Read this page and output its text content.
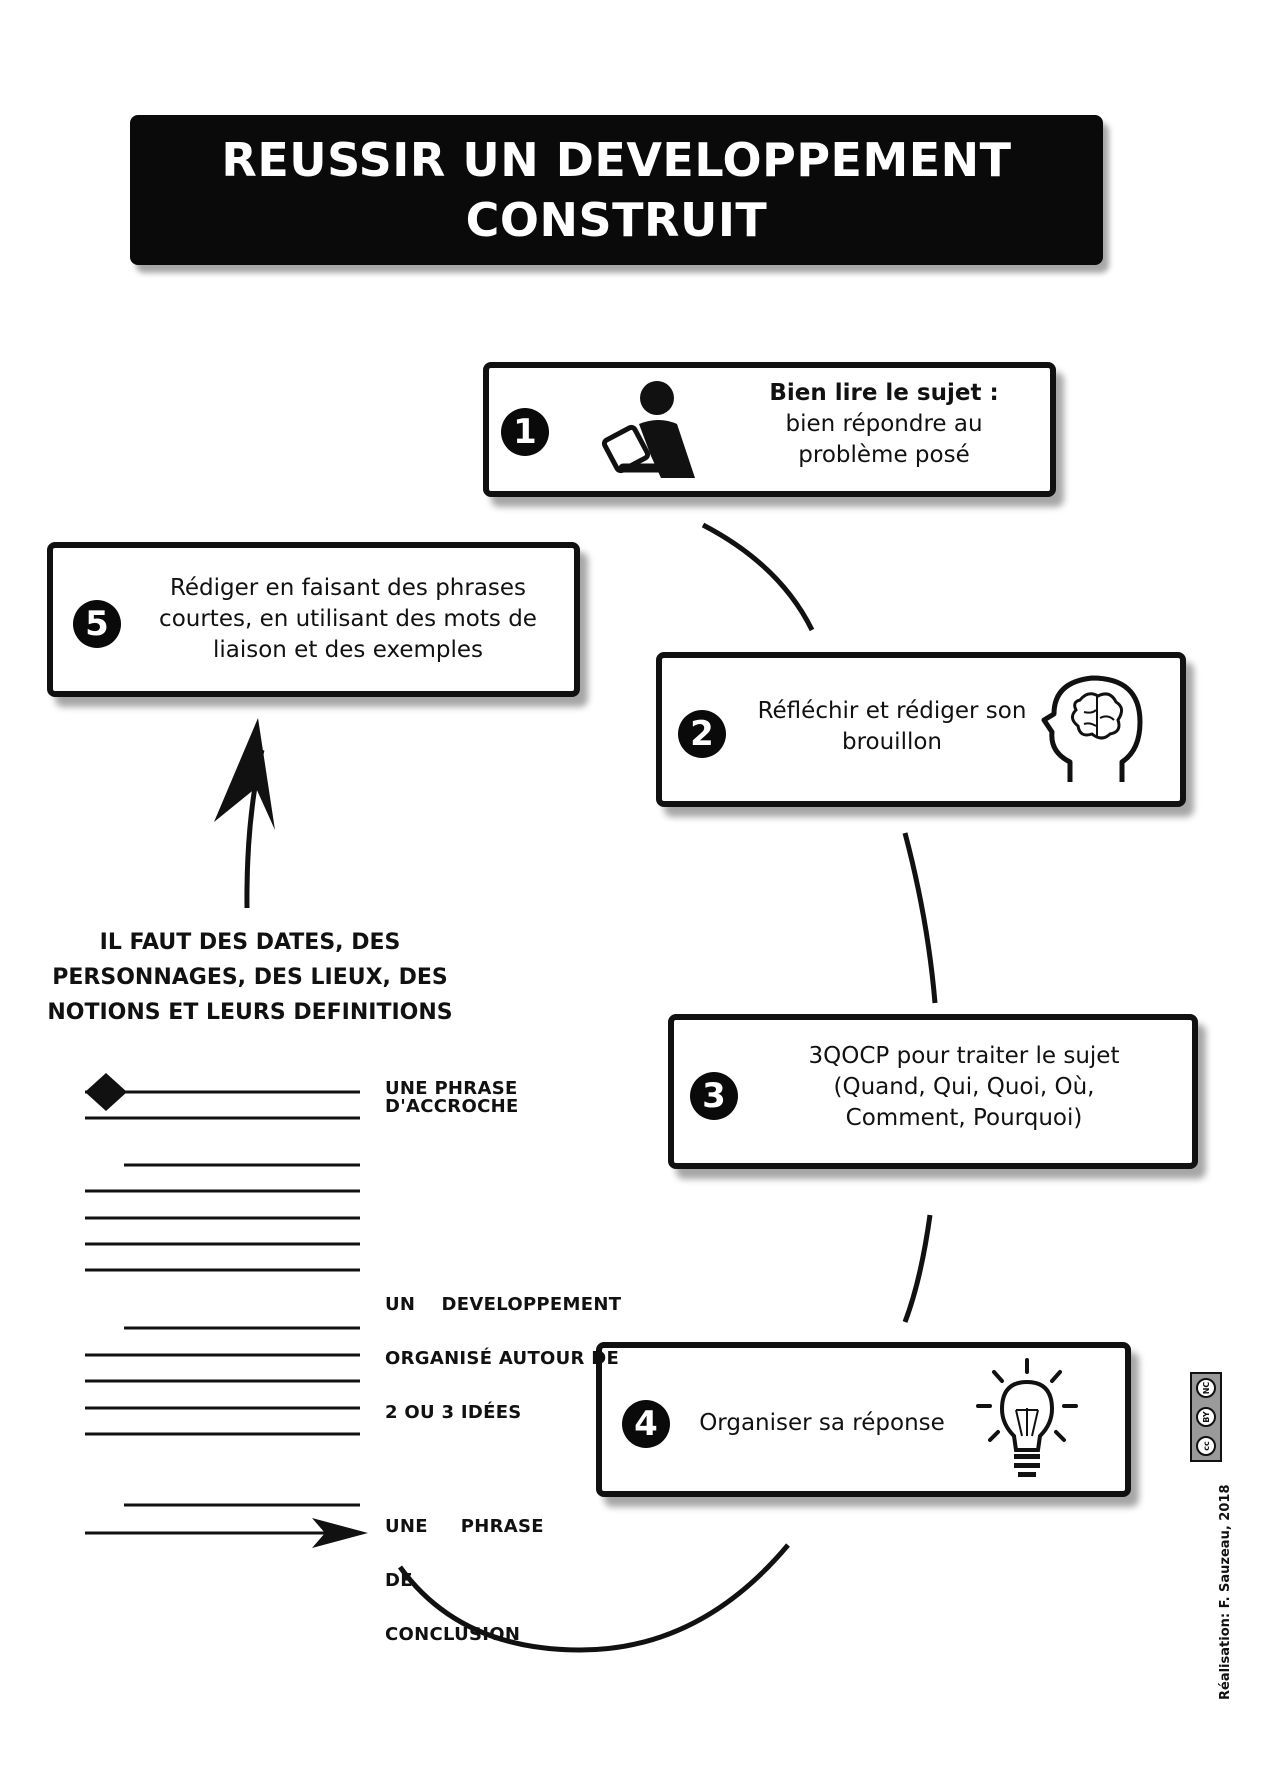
REUSSIR UN DEVELOPPEMENT
CONSTRUIT
1
Bien lire le sujet :
bien répondre au
problème posé
5
Rédiger en faisant des phrases
courtes, en utilisant des mots de
liaison et des exemples
2
Réfléchir et rédiger son
brouillon
IL FAUT DES DATES, DES
PERSONNAGES, DES LIEUX, DES
NOTIONS ET LEURS DEFINITIONS
3
3QOCP pour traiter le sujet
(Quand, Qui, Quoi, Où,
Comment, Pourquoi)
4	Organiser sa réponse
UNE PHRASE
D'ACCROCHE

UN    DEVELOPPEMENT

ORGANISÉ AUTOUR DE

2 OU 3 IDÉES

UNE     PHRASE

DE

CONCLUSION

NC
BY
cc
Réalisation: F. Sauzeau, 2018
